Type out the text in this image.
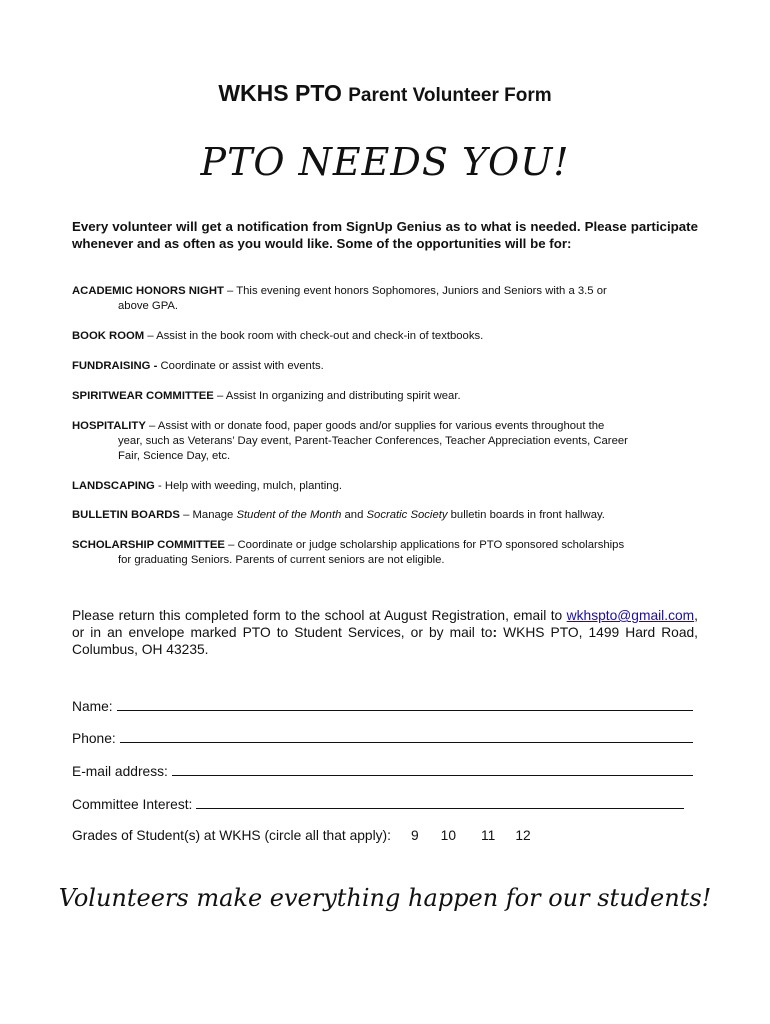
WKHS PTO Parent Volunteer Form
PTO NEEDS YOU!
Every volunteer will get a notification from SignUp Genius as to what is needed. Please participate whenever and as often as you would like. Some of the opportunities will be for:
ACADEMIC HONORS NIGHT – This evening event honors Sophomores, Juniors and Seniors with a 3.5 or
above GPA.
BOOK ROOM – Assist in the book room with check-out and check-in of textbooks.
FUNDRAISING - Coordinate or assist with events.
SPIRITWEAR COMMITTEE – Assist In organizing and distributing spirit wear.
HOSPITALITY – Assist with or donate food, paper goods and/or supplies for various events throughout the
year, such as Veterans’ Day event, Parent-Teacher Conferences, Teacher Appreciation events, Career
Fair, Science Day, etc.
LANDSCAPING - Help with weeding, mulch, planting.
BULLETIN BOARDS – Manage Student of the Month and Socratic Society bulletin boards in front hallway.
SCHOLARSHIP COMMITTEE – Coordinate or judge scholarship applications for PTO sponsored scholarships
for graduating Seniors. Parents of current seniors are not eligible.
Please return this completed form to the school at August Registration, email to wkhspto@gmail.com, or in an envelope marked PTO to Student Services, or by mail to: WKHS PTO, 1499 Hard Road, Columbus, OH 43235.
Name:
Phone:
E-mail address:
Committee Interest:
Grades of Student(s) at WKHS (circle all that apply): 9 10 11 12
Volunteers make everything happen for our students!
